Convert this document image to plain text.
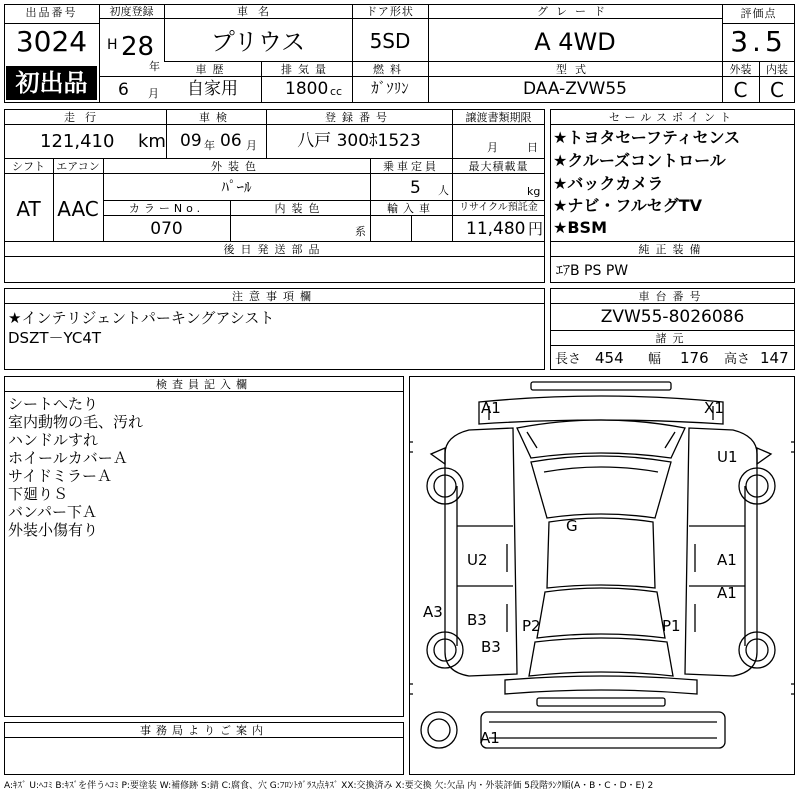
出品番号
3024
初出品
初度登録
H 28
年
6 月
車名
プリウス
ドア形状
5SD
グレード
A 4WD
評価点
3.5
外装	内装
C	C
車歴
自家用
排気量
1800 cc
燃料
ｶﾞｿﾘﾝ
型式
DAA-ZVW55
走行
121,410 km
車検
09 年 06 月
登録番号
八戸 300ﾎ1523
譲渡書類期限
月	日
シフト
AT
エアコン
AAC
外装色
ﾊﾟｰﾙ
乗車定員
5 人
最大積載量
kg
カラーNo.
070
内装色
系
輸入車	リサイクル預託金
11,480 円
後日発送部品
セールスポイント
★トヨタセーフティセンス
★クルーズコントロール
★バックカメラ
★ナビ・フルセグTV
★BSM
純正装備
ｴｱB PS PW
注意事項欄
★インテリジェントパーキングアシスト
DSZT－YC4T
車台番号
ZVW55-8026086
諸元
長さ 454 幅 176 高さ 147
検査員記入欄
シートへたり
室内動物の毛、汚れ
ハンドルすれ
ホイールカバーＡ
サイドミラーＡ
下廻りＳ
バンパー下Ａ
外装小傷有り
事務局よりご案内
A1	X1
U1
G
U2	A1
A1
A3 B3 P2	P1
B3
A1
A:ｷｽﾞ U:ﾍｺﾐ B:ｷｽﾞを伴うﾍｺﾐ P:要塗装 W:補修跡 S:錆 C:腐食、穴 G:ﾌﾛﾝﾄｶﾞﾗｽ点ｷｽﾞ XX:交換済み X:要交換 欠:欠品 内・外装評価 5段階ﾗﾝｸ順(A・B・C・D・E) 2
